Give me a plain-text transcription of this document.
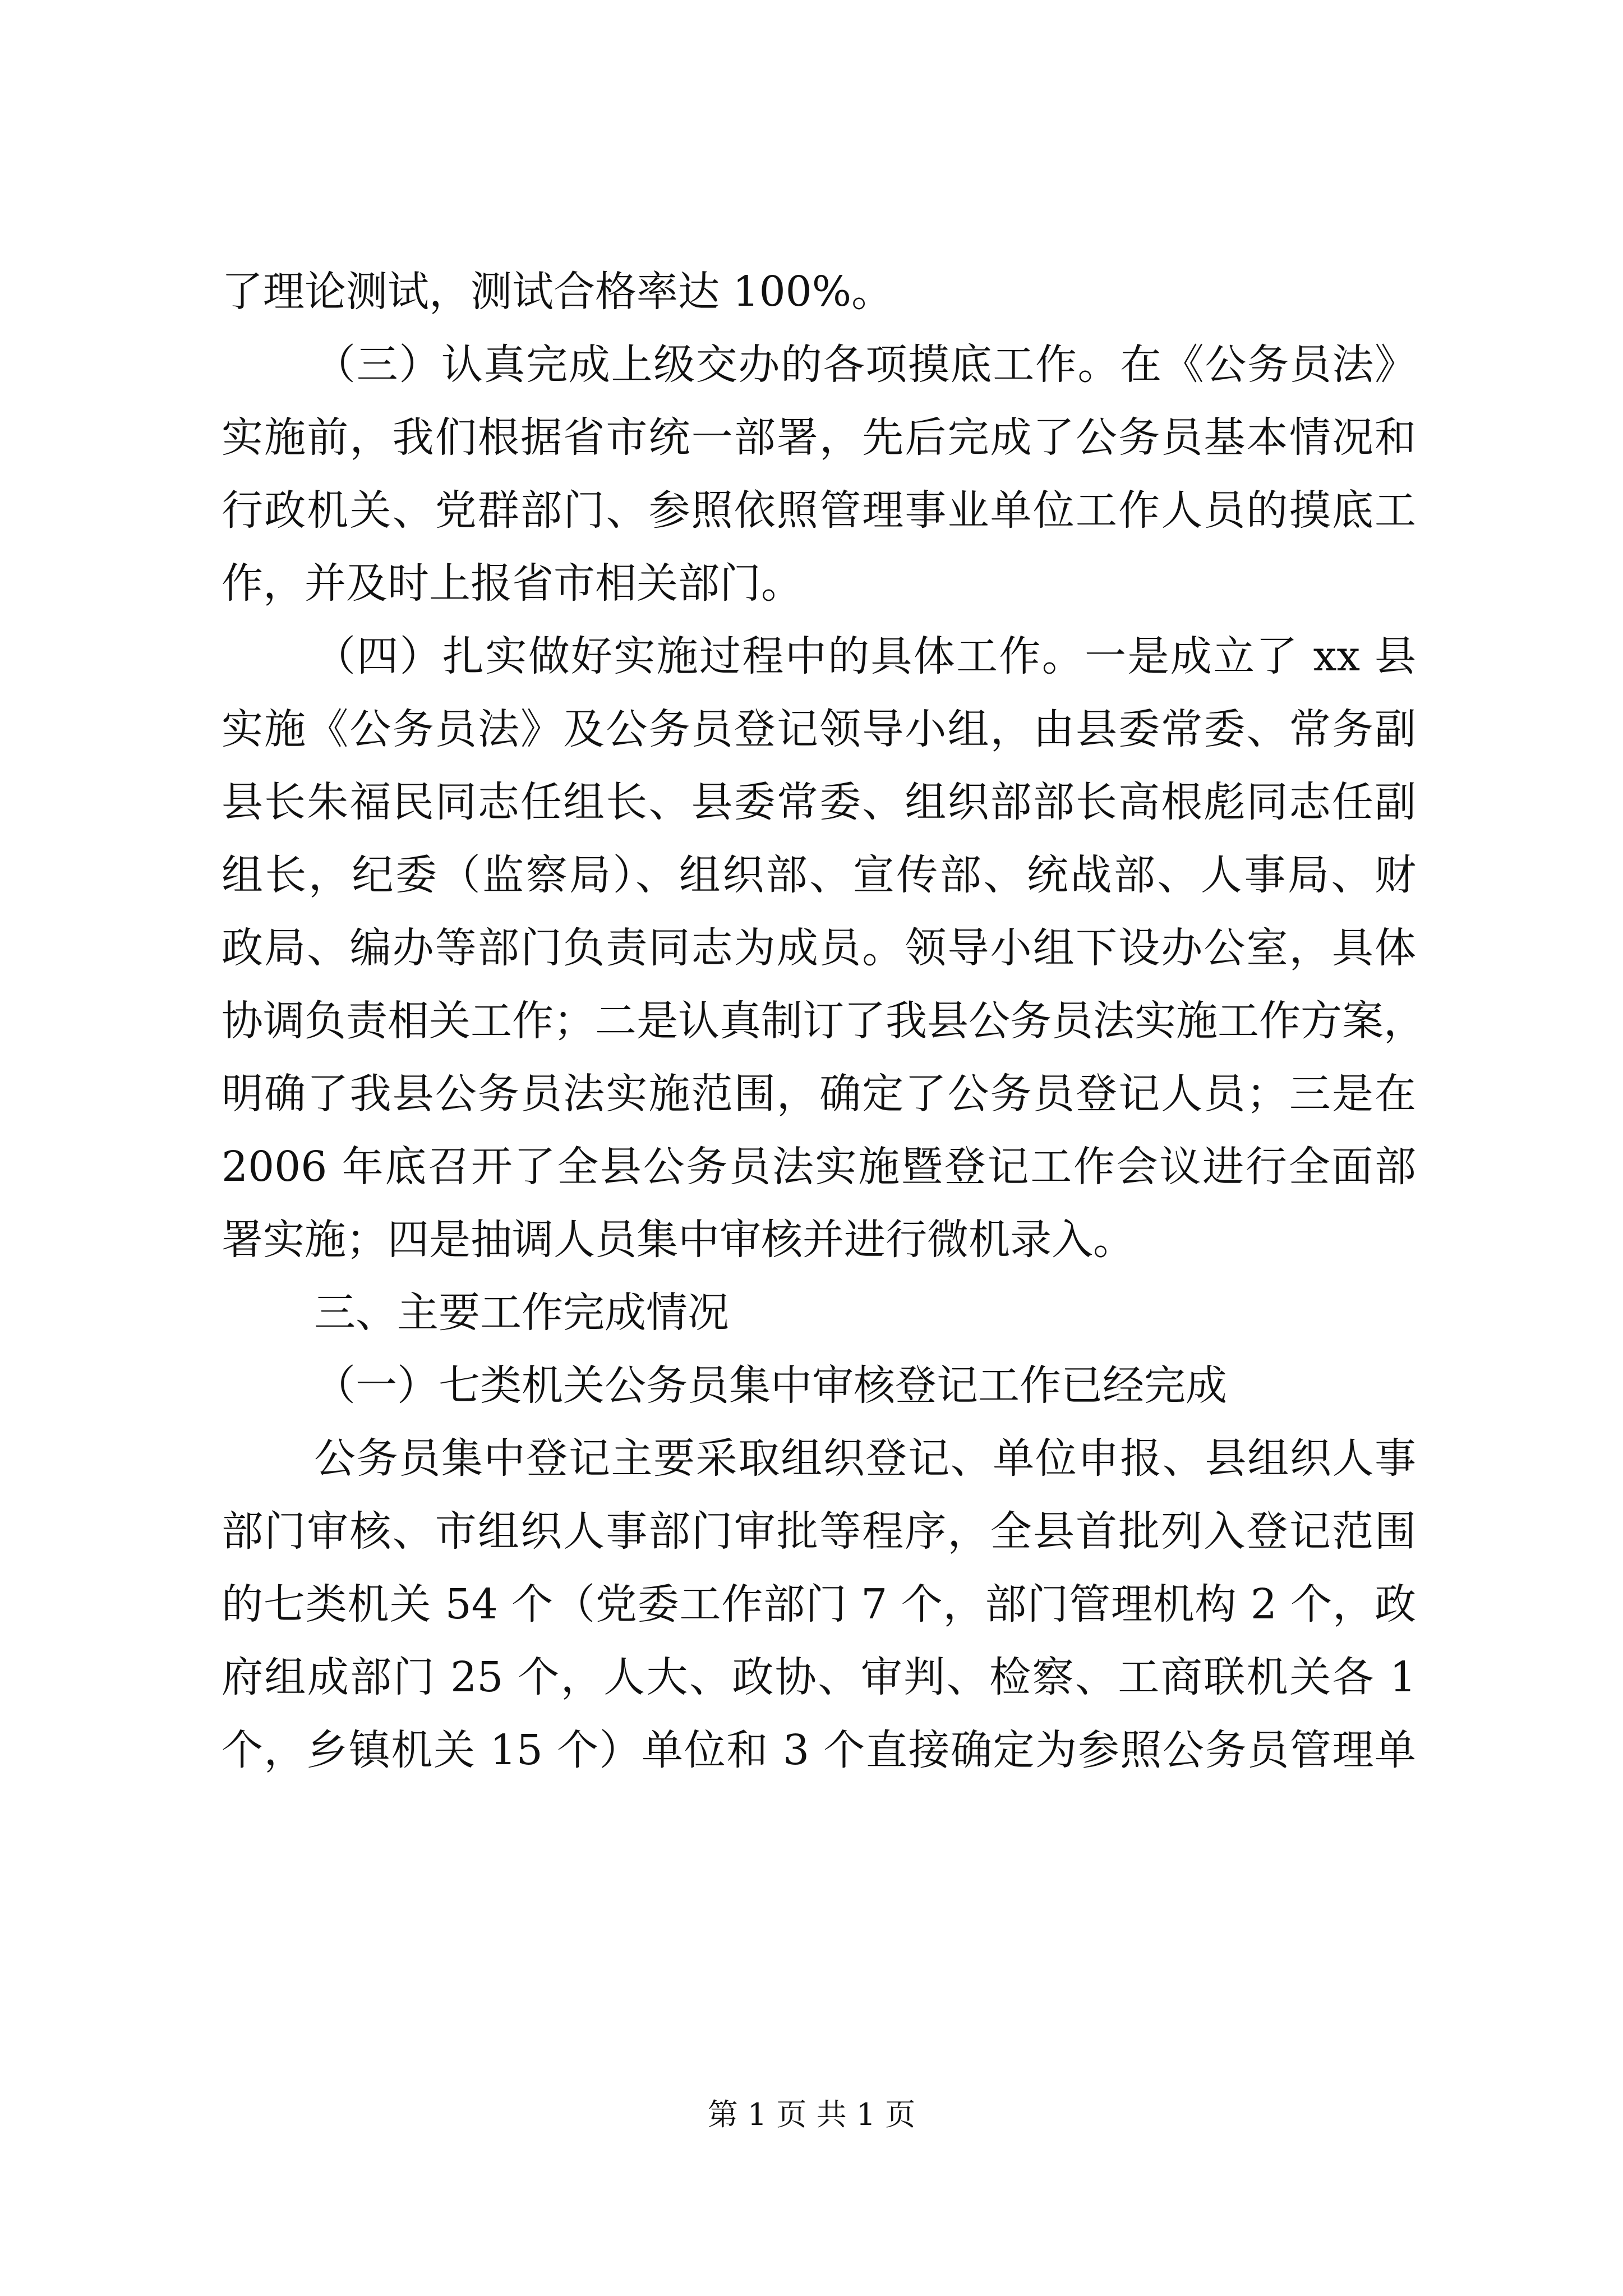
了理论测试，测试合格率达 100%。
（三）认真完成上级交办的各项摸底工作。在《公务员法》
实施前，我们根据省市统一部署，先后完成了公务员基本情况和
行政机关、党群部门、参照依照管理事业单位工作人员的摸底工
作，并及时上报省市相关部门。
（四）扎实做好实施过程中的具体工作。一是成立了 xx 县
实施《公务员法》及公务员登记领导小组，由县委常委、常务副
县长朱福民同志任组长、县委常委、组织部部长高根彪同志任副
组长，纪委（监察局）、组织部、宣传部、统战部、人事局、财
政局、编办等部门负责同志为成员。领导小组下设办公室，具体
协调负责相关工作；二是认真制订了我县公务员法实施工作方案，
明确了我县公务员法实施范围，确定了公务员登记人员；三是在
2006 年底召开了全县公务员法实施暨登记工作会议进行全面部
署实施；四是抽调人员集中审核并进行微机录入。
三、主要工作完成情况
（一）七类机关公务员集中审核登记工作已经完成
公务员集中登记主要采取组织登记、单位申报、县组织人事
部门审核、市组织人事部门审批等程序，全县首批列入登记范围
的七类机关 54 个（党委工作部门 7 个，部门管理机构 2 个，政
府组成部门 25 个，人大、政协、审判、检察、工商联机关各 1
个，乡镇机关 15 个）单位和 3 个直接确定为参照公务员管理单
第 1 页 共 1 页
